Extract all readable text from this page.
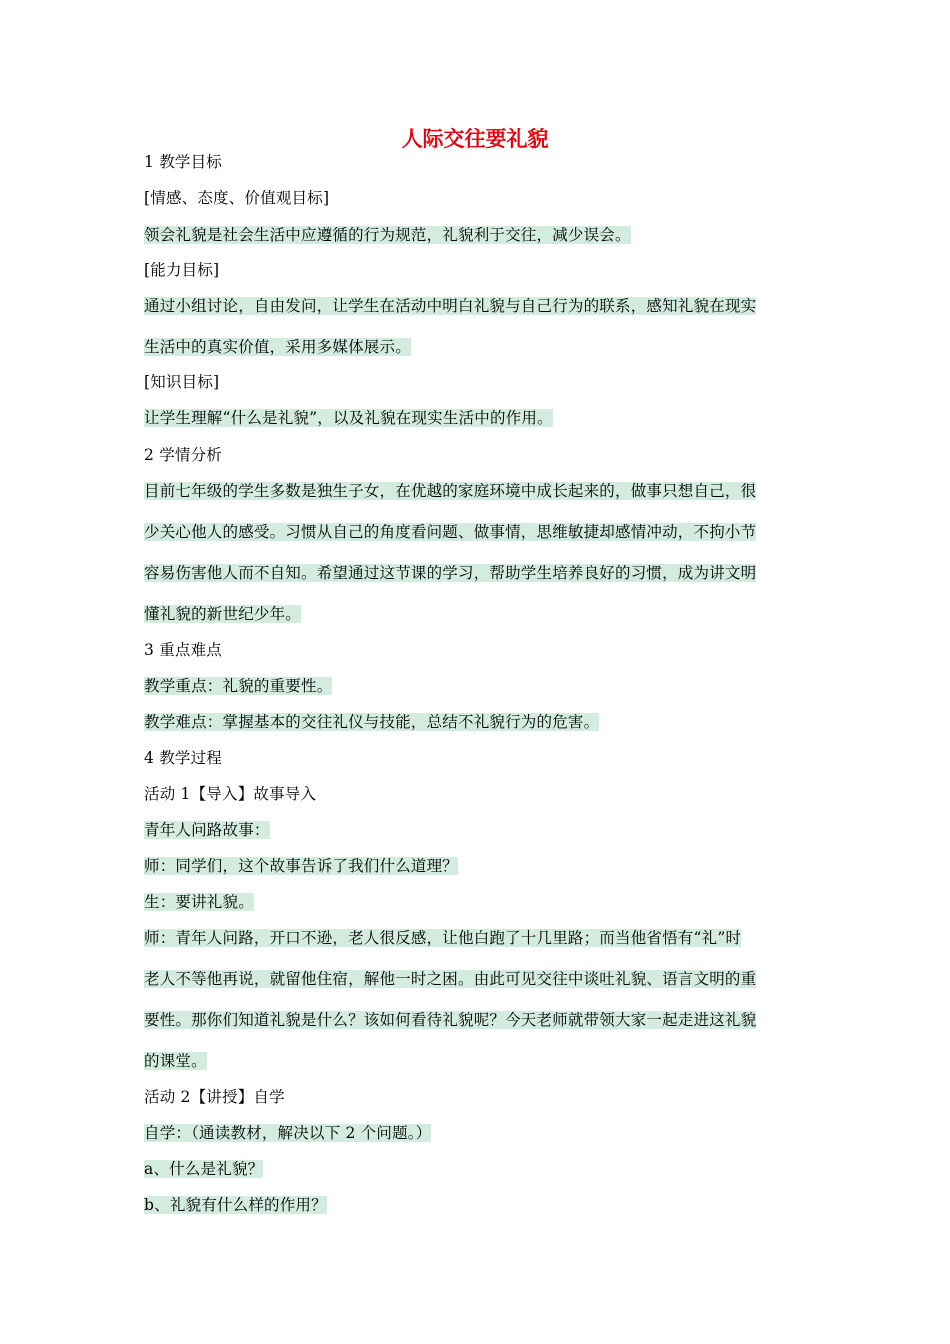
人际交往要礼貌
1 教学目标
[情感、态度、价值观目标]
领会礼貌是社会生活中应遵循的行为规范，礼貌利于交往，减少误会。
[能力目标]
通过小组讨论，自由发问，让学生在活动中明白礼貌与自己行为的联系，感知礼貌在现实
生活中的真实价值，采用多媒体展示。
[知识目标]
让学生理解“什么是礼貌”，以及礼貌在现实生活中的作用。
2 学情分析
目前七年级的学生多数是独生子女，在优越的家庭环境中成长起来的，做事只想自己，很
少关心他人的感受。习惯从自己的角度看问题、做事情，思维敏捷却感情冲动，不拘小节
容易伤害他人而不自知。希望通过这节课的学习，帮助学生培养良好的习惯，成为讲文明
懂礼貌的新世纪少年。
3 重点难点
教学重点：礼貌的重要性。
教学难点：掌握基本的交往礼仪与技能，总结不礼貌行为的危害。
4 教学过程
活动 1【导入】故事导入
青年人问路故事：
师：同学们，这个故事告诉了我们什么道理？
生：要讲礼貌。
师：青年人问路，开口不逊，老人很反感，让他白跑了十几里路；而当他省悟有“礼”时
老人不等他再说，就留他住宿，解他一时之困。由此可见交往中谈吐礼貌、语言文明的重
要性。那你们知道礼貌是什么？该如何看待礼貌呢？今天老师就带领大家一起走进这礼貌
的课堂。
活动 2【讲授】自学
自学：（通读教材，解决以下 2 个问题。）
a、什么是礼貌？
b、礼貌有什么样的作用？
